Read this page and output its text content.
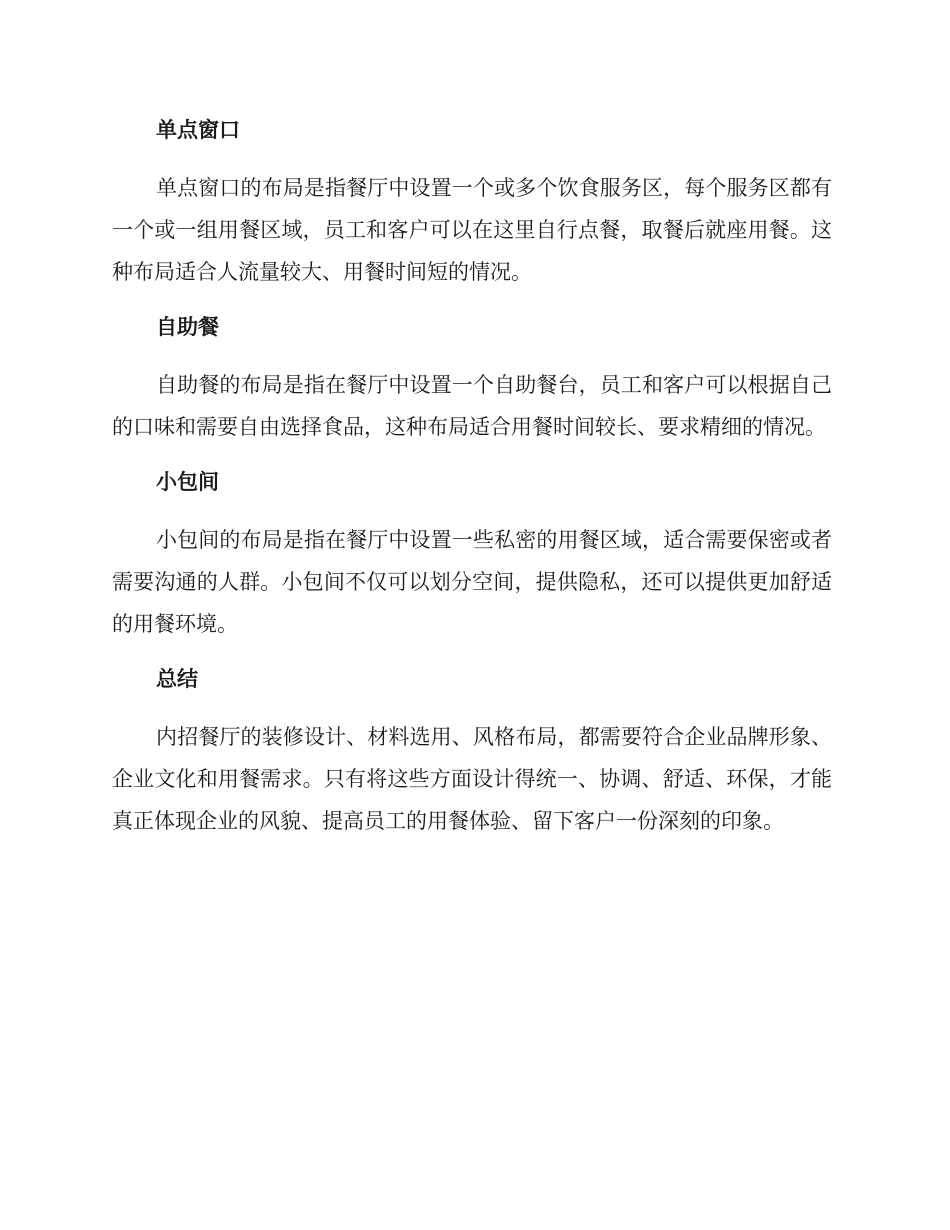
单点窗口

单点窗口的布局是指餐厅中设置一个或多个饮食服务区，每个服务区都有一个或一组用餐区域，员工和客户可以在这里自行点餐，取餐后就座用餐。这种布局适合人流量较大、用餐时间短的情况。

自助餐

自助餐的布局是指在餐厅中设置一个自助餐台，员工和客户可以根据自己的口味和需要自由选择食品，这种布局适合用餐时间较长、要求精细的情况。

小包间

小包间的布局是指在餐厅中设置一些私密的用餐区域，适合需要保密或者需要沟通的人群。小包间不仅可以划分空间，提供隐私，还可以提供更加舒适的用餐环境。

总结

内招餐厅的装修设计、材料选用、风格布局，都需要符合企业品牌形象、企业文化和用餐需求。只有将这些方面设计得统一、协调、舒适、环保，才能真正体现企业的风貌、提高员工的用餐体验、留下客户一份深刻的印象。
